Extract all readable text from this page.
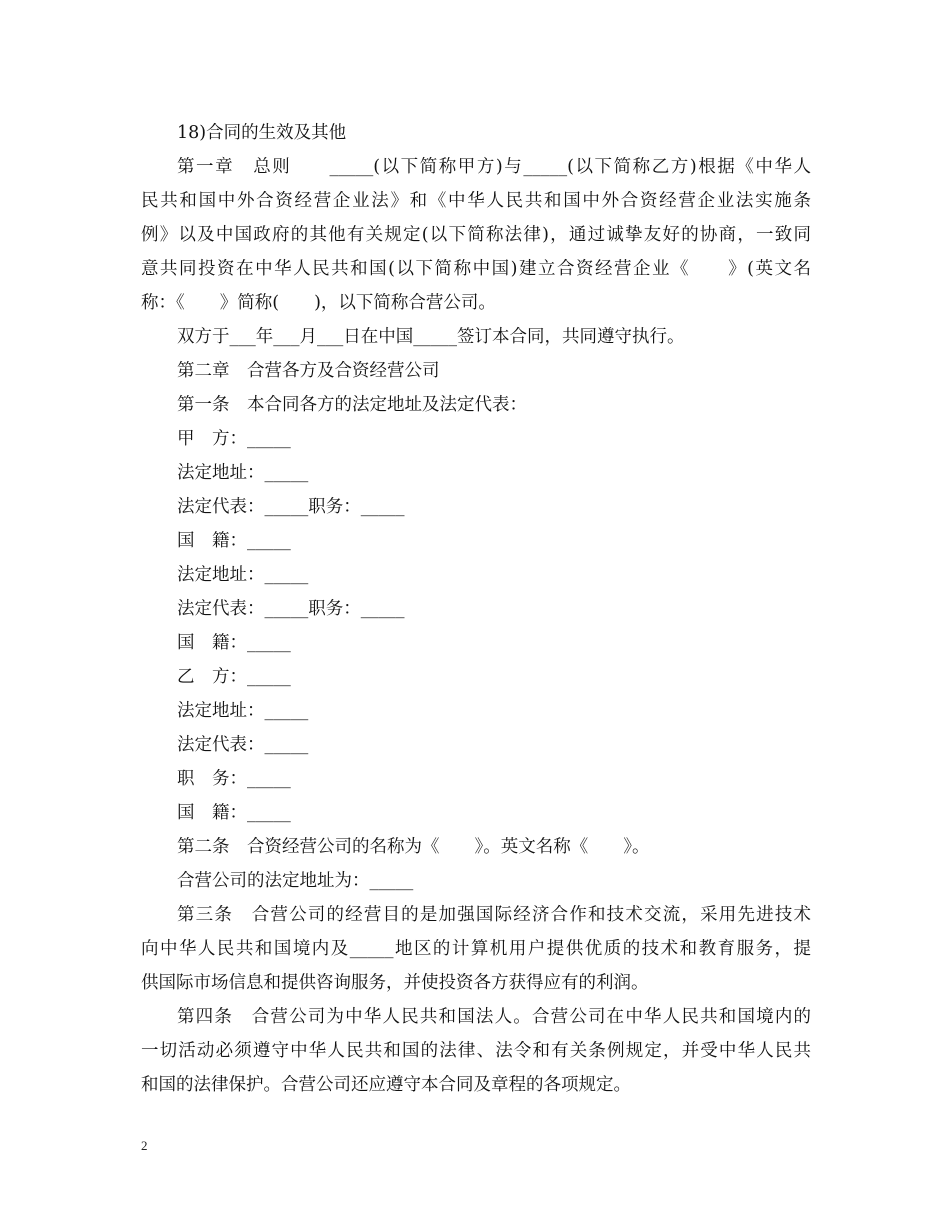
18)合同的生效及其他
第一章　总则　　_____(以下简称甲方)与_____(以下简称乙方)根据《中华人
民共和国中外合资经营企业法》和《中华人民共和国中外合资经营企业法实施条
例》以及中国政府的其他有关规定(以下简称法律)，通过诚挚友好的协商，一致同
意共同投资在中华人民共和国(以下简称中国)建立合资经营企业《　　》(英文名
称：《　　》简称(　　)，以下简称合营公司。
双方于___年___月___日在中国_____签订本合同，共同遵守执行。
第二章　合营各方及合资经营公司
第一条　本合同各方的法定地址及法定代表：
甲　方：_____
法定地址：_____
法定代表：_____职务：_____
国　籍：_____
法定地址：_____
法定代表：_____职务：_____
国　籍：_____
乙　方：_____
法定地址：_____
法定代表：_____
职　务：_____
国　籍：_____
第二条　合资经营公司的名称为《　　》。英文名称《　　》。
合营公司的法定地址为：_____
第三条　合营公司的经营目的是加强国际经济合作和技术交流，采用先进技术
向中华人民共和国境内及_____地区的计算机用户提供优质的技术和教育服务，提
供国际市场信息和提供咨询服务，并使投资各方获得应有的利润。
第四条　合营公司为中华人民共和国法人。合营公司在中华人民共和国境内的
一切活动必须遵守中华人民共和国的法律、法令和有关条例规定，并受中华人民共
和国的法律保护。合营公司还应遵守本合同及章程的各项规定。
2
